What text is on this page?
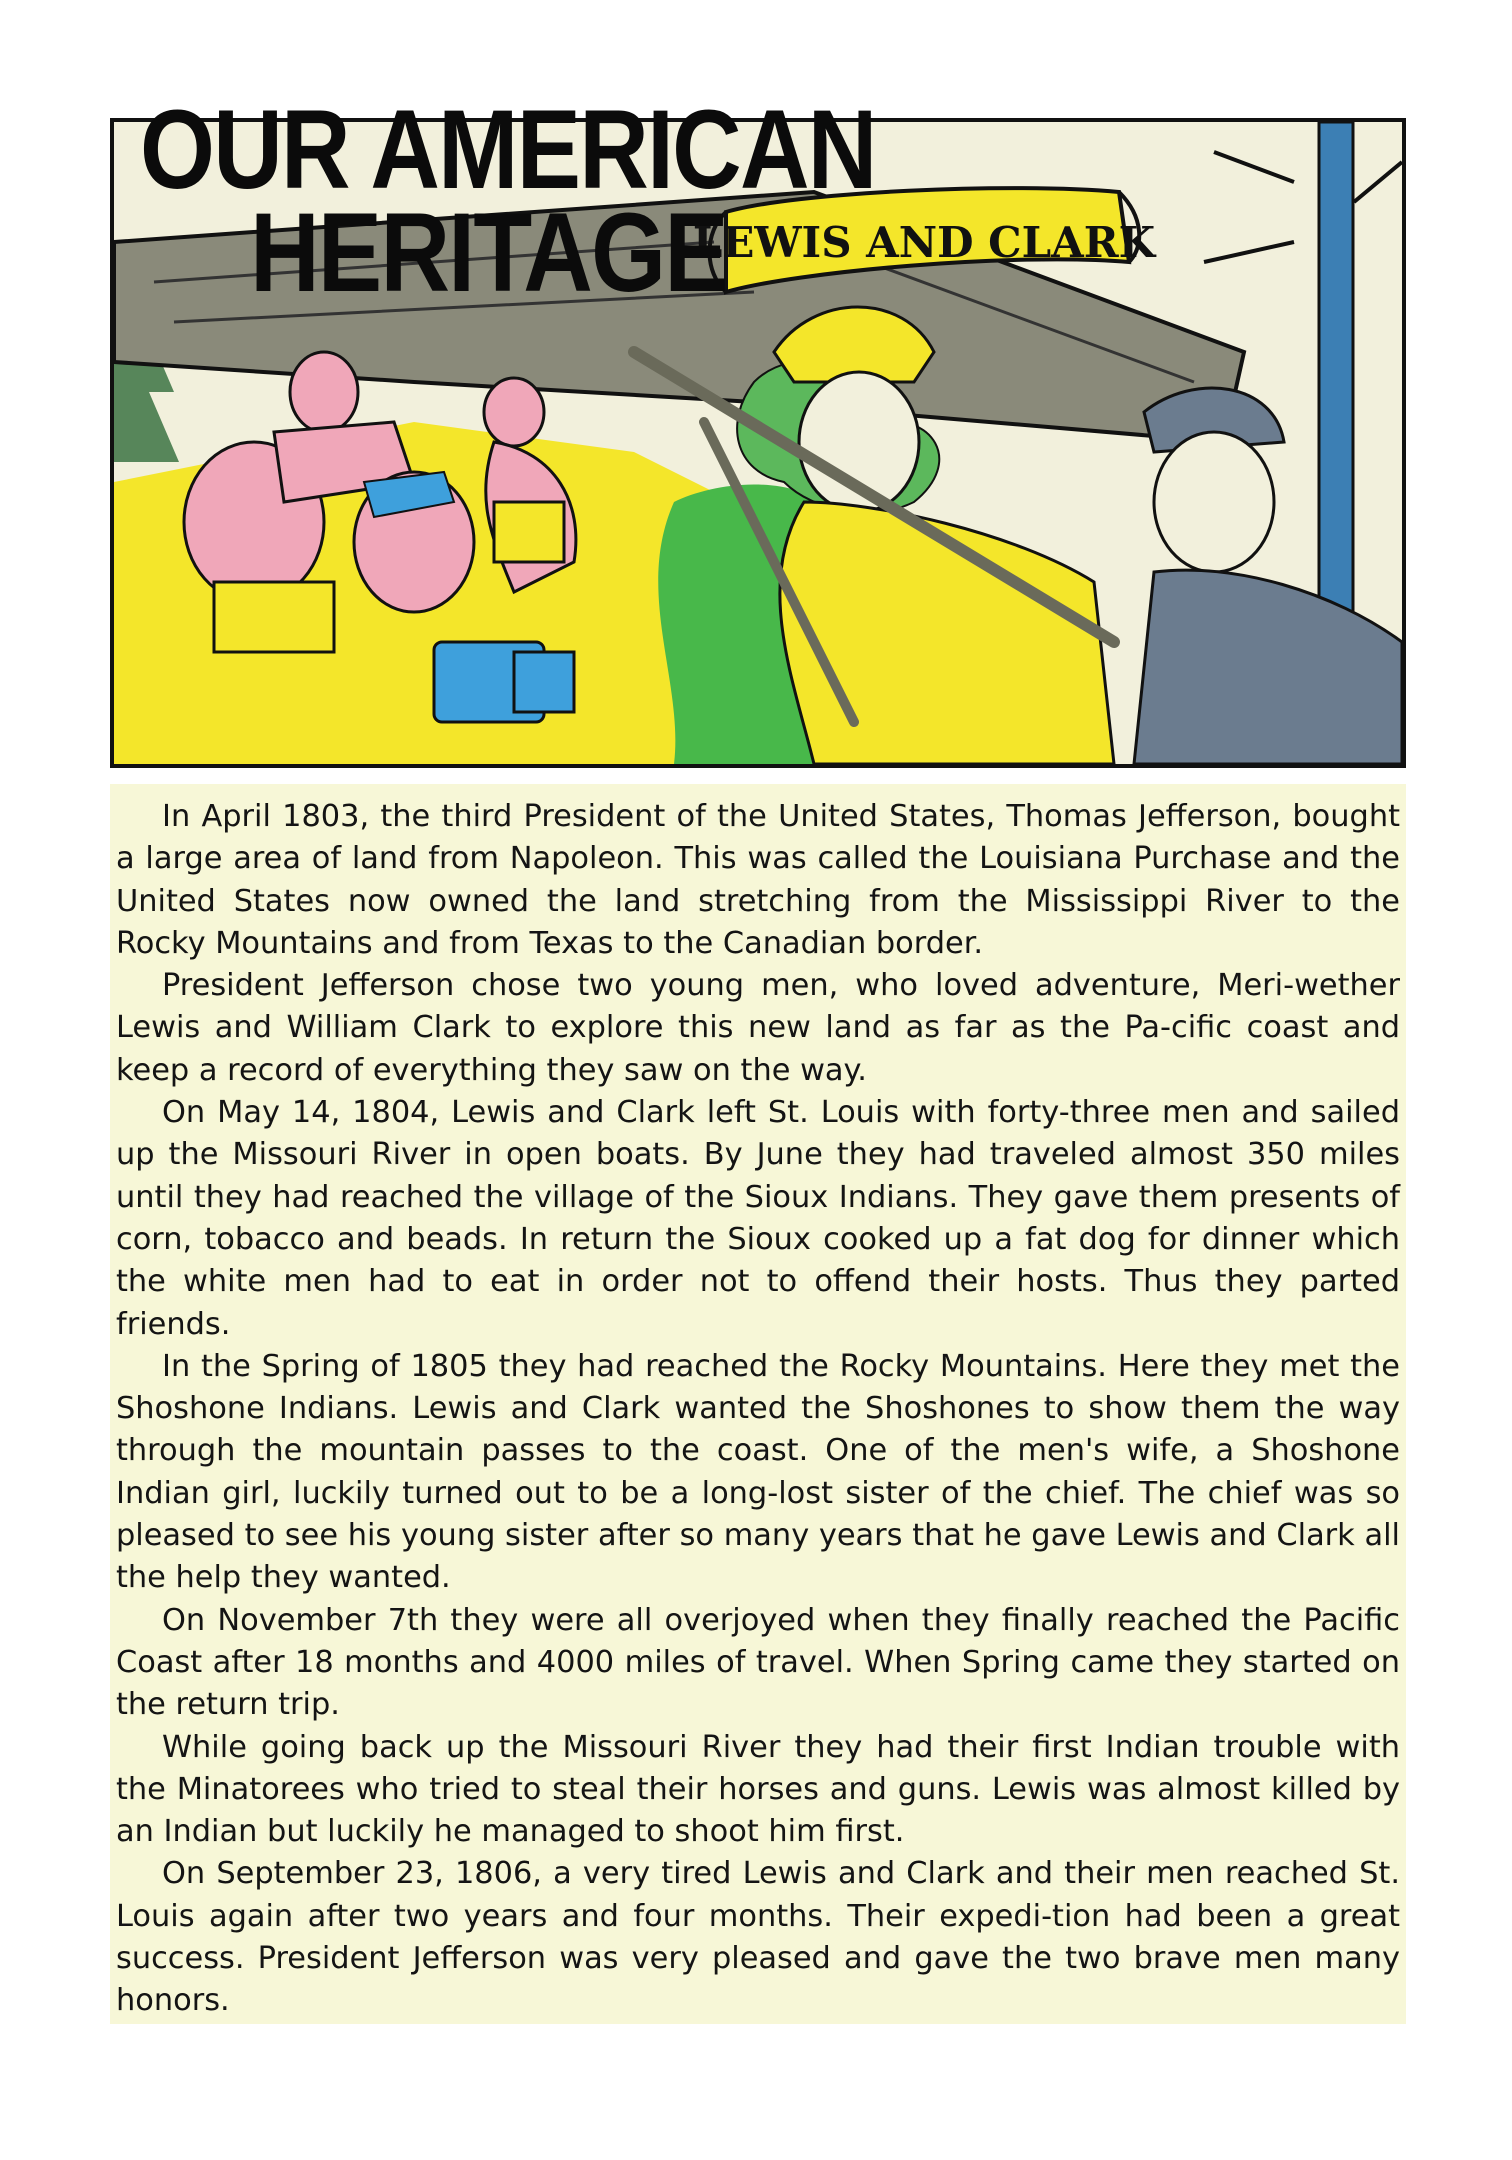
LEWIS AND CLARK
OUR AMERICAN
HERITAGE

In April 1803, the third President of the United States, Thomas Jefferson, bought a large area of land from Napoleon. This was called the Louisiana Purchase and the United States now owned the land stretching from the Mississippi River to the Rocky Mountains and from Texas to the Canadian border.

President Jefferson chose two young men, who loved adventure, Meri-wether Lewis and William Clark to explore this new land as far as the Pa-cific coast and keep a record of everything they saw on the way.

On May 14, 1804, Lewis and Clark left St. Louis with forty-three men and sailed up the Missouri River in open boats. By June they had traveled almost 350 miles until they had reached the village of the Sioux Indians. They gave them presents of corn, tobacco and beads. In return the Sioux cooked up a fat dog for dinner which the white men had to eat in order not to offend their hosts. Thus they parted friends.

In the Spring of 1805 they had reached the Rocky Mountains. Here they met the Shoshone Indians. Lewis and Clark wanted the Shoshones to show them the way through the mountain passes to the coast. One of the men's wife, a Shoshone Indian girl, luckily turned out to be a long-lost sister of the chief. The chief was so pleased to see his young sister after so many years that he gave Lewis and Clark all the help they wanted.

On November 7th they were all overjoyed when they finally reached the Pacific Coast after 18 months and 4000 miles of travel. When Spring came they started on the return trip.

While going back up the Missouri River they had their first Indian trouble with the Minatorees who tried to steal their horses and guns. Lewis was almost killed by an Indian but luckily he managed to shoot him first.

On September 23, 1806, a very tired Lewis and Clark and their men reached St. Louis again after two years and four months. Their expedi-tion had been a great success. President Jefferson was very pleased and gave the two brave men many honors.
